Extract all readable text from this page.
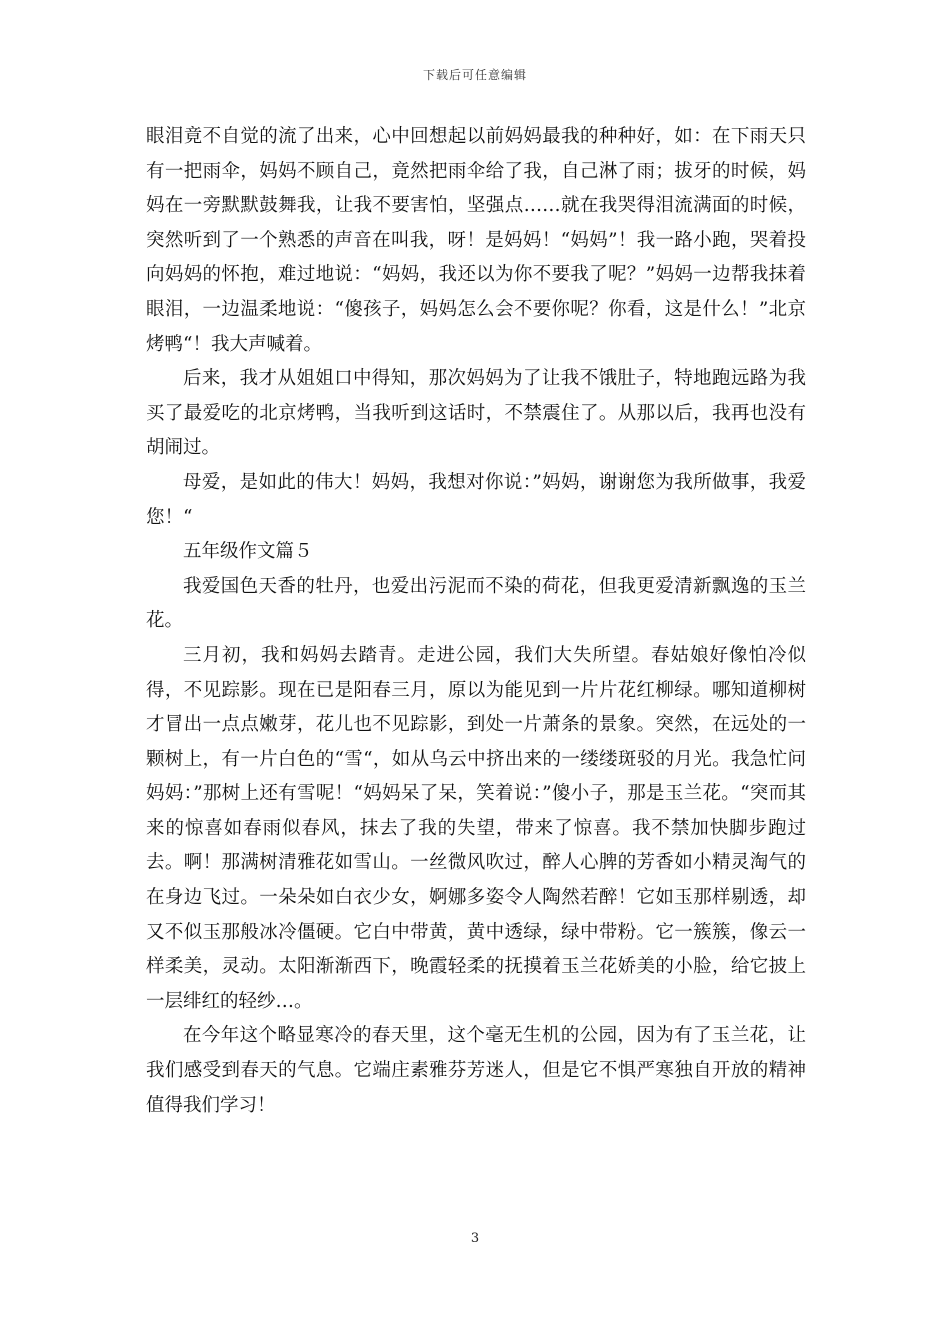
下载后可任意编辑

眼泪竟不自觉的流了出来，心中回想起以前妈妈最我的种种好，如：在下雨天只有一把雨伞，妈妈不顾自己，竟然把雨伞给了我，自己淋了雨；拔牙的时候，妈妈在一旁默默鼓舞我，让我不要害怕，坚强点……就在我哭得泪流满面的时候，突然听到了一个熟悉的声音在叫我，呀！是妈妈！“妈妈”！我一路小跑，哭着投向妈妈的怀抱，难过地说：“妈妈，我还以为你不要我了呢？”妈妈一边帮我抹着眼泪，一边温柔地说：“傻孩子，妈妈怎么会不要你呢？你看，这是什么！”北京烤鸭“！我大声喊着。

后来，我才从姐姐口中得知，那次妈妈为了让我不饿肚子，特地跑远路为我买了最爱吃的北京烤鸭，当我听到这话时，不禁震住了。从那以后，我再也没有胡闹过。

母爱，是如此的伟大！妈妈，我想对你说：”妈妈，谢谢您为我所做事，我爱您！“

五年级作文篇５

我爱国色天香的牡丹，也爱出污泥而不染的荷花，但我更爱清新飘逸的玉兰花。

三月初，我和妈妈去踏青。走进公园，我们大失所望。春姑娘好像怕冷似得，不见踪影。现在已是阳春三月，原以为能见到一片片花红柳绿。哪知道柳树才冒出一点点嫩芽，花儿也不见踪影，到处一片萧条的景象。突然，在远处的一颗树上，有一片白色的“雪“，如从乌云中挤出来的一缕缕斑驳的月光。我急忙问妈妈：”那树上还有雪呢！“妈妈呆了呆，笑着说：”傻小子，那是玉兰花。“突而其来的惊喜如春雨似春风，抹去了我的失望，带来了惊喜。我不禁加快脚步跑过去。啊！那满树清雅花如雪山。一丝微风吹过，醉人心脾的芳香如小精灵淘气的在身边飞过。一朵朵如白衣少女，婀娜多姿令人陶然若醉！它如玉那样剔透，却又不似玉那般冰冷僵硬。它白中带黄，黄中透绿，绿中带粉。它一簇簇，像云一样柔美，灵动。太阳渐渐西下，晚霞轻柔的抚摸着玉兰花娇美的小脸，给它披上一层绯红的轻纱…。

在今年这个略显寒冷的春天里，这个毫无生机的公园，因为有了玉兰花，让我们感受到春天的气息。它端庄素雅芬芳迷人，但是它不惧严寒独自开放的精神值得我们学习！

3
